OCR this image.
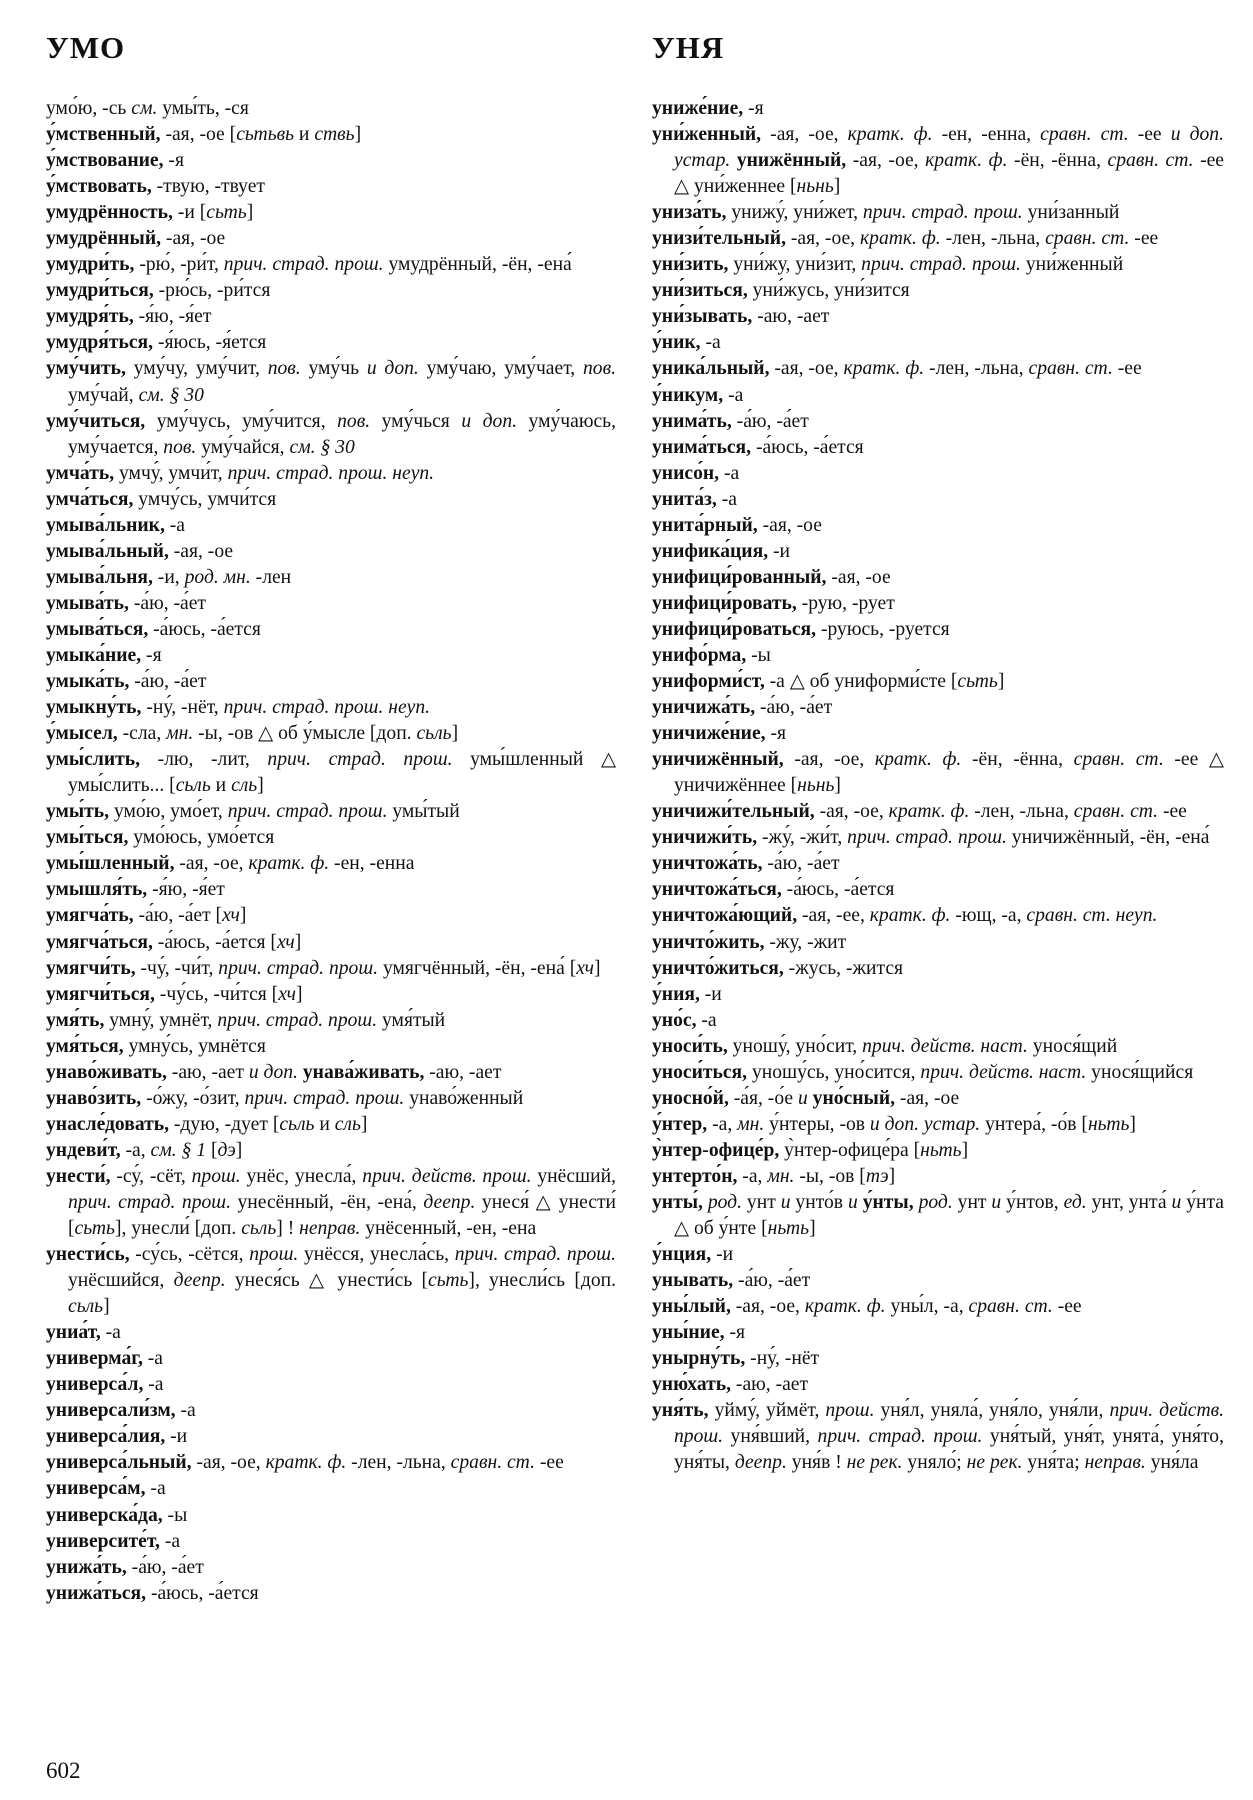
УМО	УНЯ
умо́ю, -сь см. умы́ть, -ся
у́мственный, -ая, -ое [сьтьвь и ствь]
у́мствование, -я
у́мствовать, -твую, -твует
умудрённость, -и [сьть]
умудрённый, -ая, -ое
умудри́ть, -рю́, -ри́т, прич. страд. прош. умудрённый, -ён, -ена́
умудри́ться, -рю́сь, -ри́тся
умудря́ть, -я́ю, -я́ет
умудря́ться, -я́юсь, -я́ется
уму́чить, уму́чу, уму́чит, пов. уму́чь и доп. уму́чаю, уму́чает, пов. уму́чай, см. § 30
уму́читься, уму́чусь, уму́чится, пов. уму́чься и доп. уму́чаюсь, уму́чается, пов. уму́чайся, см. § 30
умча́ть, умчу́, умчи́т, прич. страд. прош. неуп.
умча́ться, умчу́сь, умчи́тся
умыва́льник, -а
умыва́льный, -ая, -ое
умыва́льня, -и, род. мн. -лен
умыва́ть, -а́ю, -а́ет
умыва́ться, -а́юсь, -а́ется
умыка́ние, -я
умыка́ть, -а́ю, -а́ет
умыкну́ть, -ну́, -нёт, прич. страд. прош. неуп.
у́мысел, -сла, мн. -ы, -ов △ об у́мысле [доп. сьль]
умы́слить, -лю, -лит, прич. страд. прош. умы́шленный △ умы́слить... [сьль и сль]
умы́ть, умо́ю, умо́ет, прич. страд. прош. умы́тый
умы́ться, умо́юсь, умо́ется
умы́шленный, -ая, -ое, кратк. ф. -ен, -енна
умышля́ть, -я́ю, -я́ет
умягча́ть, -а́ю, -а́ет [хч]
умягча́ться, -а́юсь, -а́ется [хч]
умягчи́ть, -чу́, -чи́т, прич. страд. прош. умягчённый, -ён, -ена́ [хч]
умягчи́ться, -чу́сь, -чи́тся [хч]
умя́ть, умну́, умнёт, прич. страд. прош. умя́тый
умя́ться, умну́сь, умнётся
унаво́живать, -аю, -ает и доп. унава́живать, -аю, -ает
унаво́зить, -о́жу, -о́зит, прич. страд. прош. унаво́женный
унасле́довать, -дую, -дует [сьль и сль]
ундеви́т, -а, см. § 1 [дэ]
унести́, -су́, -сёт, прош. унёс, унесла́, прич. действ. прош. унёсший, прич. страд. прош. унесённый, -ён, -ена́, деепр. унеся́ △ унести́ [сьть], унесли́ [доп. сьль] ! неправ. унёсенный, -ен, -ена
унести́сь, -су́сь, -сётся, прош. унёсся, унесла́сь, прич. страд. прош. унёсшийся, деепр. унеся́сь △ унести́сь [сьть], унесли́сь [доп. сьль]
униа́т, -а
универма́г, -а
универса́л, -а
универсали́зм, -а
универса́лия, -и
универса́льный, -ая, -ое, кратк. ф. -лен, -льна, сравн. ст. -ее
универса́м, -а
универска́да, -ы
университе́т, -а
унижа́ть, -а́ю, -а́ет
унижа́ться, -а́юсь, -а́ется
униже́ние, -я
уни́женный, -ая, -ое, кратк. ф. -ен, -енна, сравн. ст. -ее и доп. устар. унижённый, -ая, -ое, кратк. ф. -ён, -ённа, сравн. ст. -ее △ уни́женнее [ньнь]
униза́ть, унижу́, уни́жет, прич. страд. прош. уни́занный
унизи́тельный, -ая, -ое, кратк. ф. -лен, -льна, сравн. ст. -ее
уни́зить, уни́жу, уни́зит, прич. страд. прош. уни́женный
уни́зиться, уни́жусь, уни́зится
уни́зывать, -аю, -ает
у́ник, -а
уника́льный, -ая, -ое, кратк. ф. -лен, -льна, сравн. ст. -ее
у́никум, -а
унима́ть, -а́ю, -а́ет
унима́ться, -а́юсь, -а́ется
унисо́н, -а
унита́з, -а
унита́рный, -ая, -ое
унифика́ция, -и
унифици́рованный, -ая, -ое
унифици́ровать, -рую, -рует
унифици́роваться, -руюсь, -руется
унифо́рма, -ы
униформи́ст, -а △ об униформи́сте [сьть]
уничижа́ть, -а́ю, -а́ет
уничиже́ние, -я
уничижённый, -ая, -ое, кратк. ф. -ён, -ённа, сравн. ст. -ее △ уничижённее [ньнь]
уничижи́тельный, -ая, -ое, кратк. ф. -лен, -льна, сравн. ст. -ее
уничижи́ть, -жу́, -жи́т, прич. страд. прош. уничижённый, -ён, -ена́
уничтожа́ть, -а́ю, -а́ет
уничтожа́ться, -а́юсь, -а́ется
уничтожа́ющий, -ая, -ее, кратк. ф. -ющ, -а, сравн. ст. неуп.
уничто́жить, -жу, -жит
уничто́житься, -жусь, -жится
у́ния, -и
уно́с, -а
уноси́ть, уношу́, уно́сит, прич. действ. наст. унося́щий
уноси́ться, уношу́сь, уно́сится, прич. действ. наст. унося́щийся
уносно́й, -а́я, -о́е и уно́сный, -ая, -ое
у́нтер, -а, мн. у́нтеры, -ов и доп. устар. унтера́, -о́в [ньть]
у̀нтер-офице́р, у̀нтер-офице́ра [ньть]
унтерто́н, -а, мн. -ы, -ов [тэ]
унты́, род. унт и унто́в и у́нты, род. унт и у́нтов, ед. унт, унта́ и у́нта △ об у́нте [ньть]
у́нция, -и
унывать, -а́ю, -а́ет
уны́лый, -ая, -ое, кратк. ф. уны́л, -а, сравн. ст. -ее
уны́ние, -я
унырну́ть, -ну́, -нёт
уню́хать, -аю, -ает
уня́ть, уйму́, уймёт, прош. уня́л, уняла́, уня́ло, уня́ли, прич. действ. прош. уня́вший, прич. страд. прош. уня́тый, уня́т, унята́, уня́то, уня́ты, деепр. уня́в ! не рек. уняло́; не рек. уня́та; неправ. уня́ла
602
